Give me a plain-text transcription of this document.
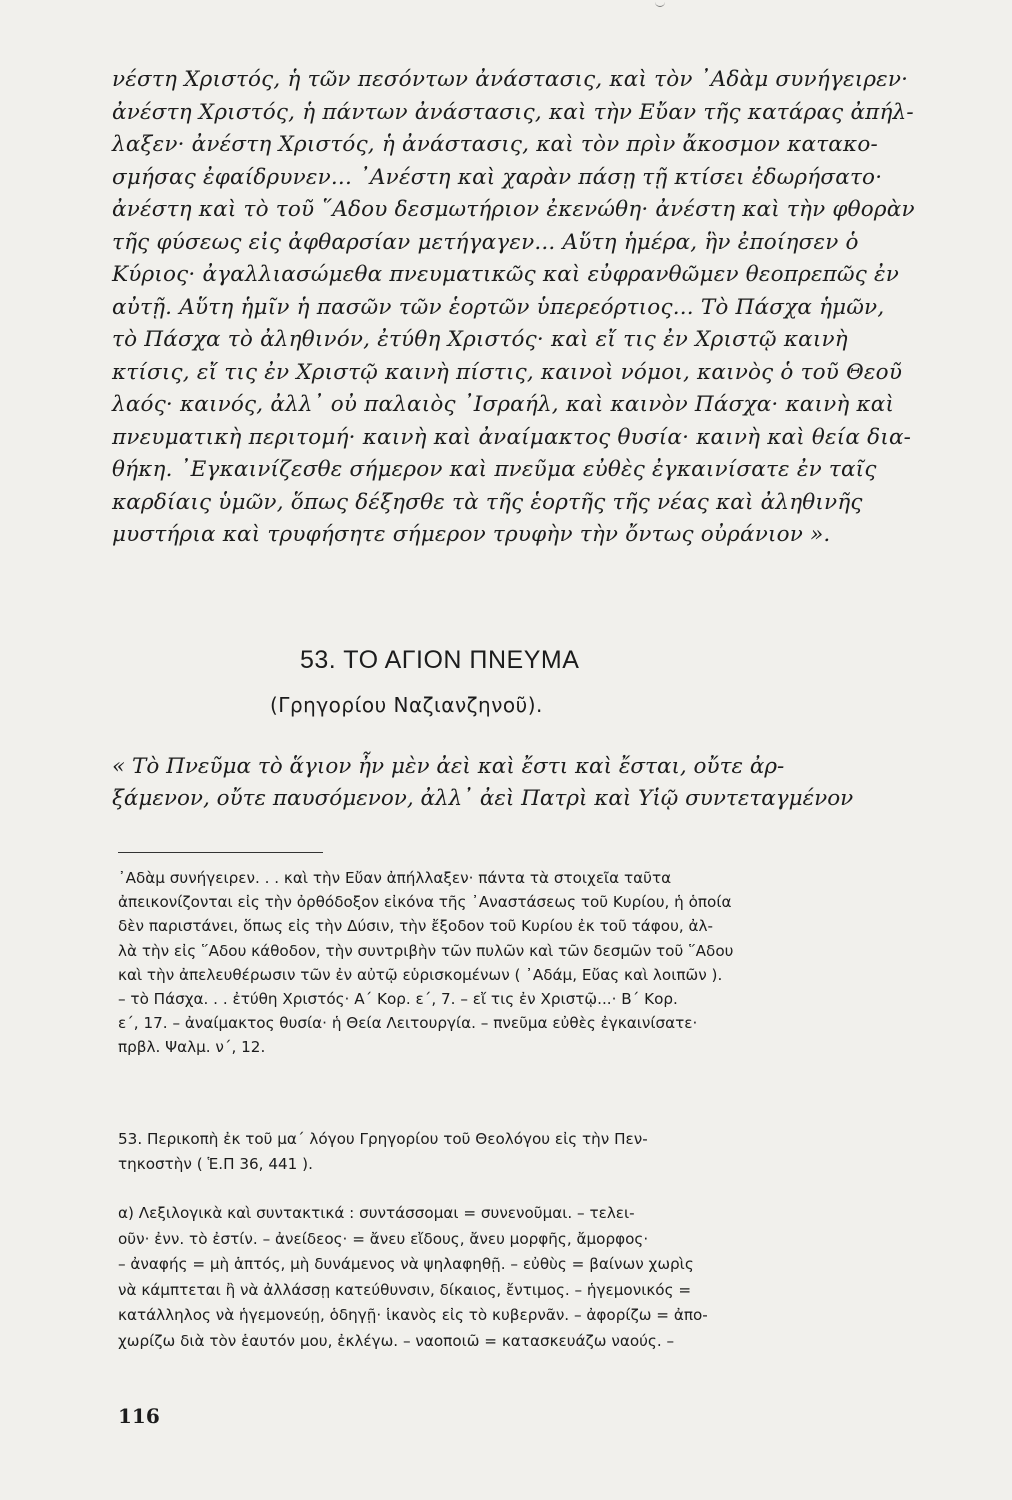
νέστη Χριστός, ἡ τῶν πεσόντων ἀνάστασις, καὶ τὸν ᾿Αδὰμ συνήγειρεν·
ἀνέστη Χριστός, ἡ πάντων ἀνάστασις, καὶ τὴν Εὔαν τῆς κατάρας ἀπήλ-
λαξεν· ἀνέστη Χριστός, ἡ ἀνάστασις, καὶ τὸν πρὶν ἄκοσμον κατακο-
σμήσας ἐφαίδρυνεν... ᾿Ανέστη καὶ χαρὰν πάσῃ τῇ κτίσει ἐδωρήσατο·
ἀνέστη καὶ τὸ τοῦ ῞Αδου δεσμωτήριον ἐκενώθη· ἀνέστη καὶ τὴν φθορὰν
τῆς φύσεως εἰς ἀφθαρσίαν μετήγαγεν... Αὕτη ἡμέρα, ἣν ἐποίησεν ὁ
Κύριος· ἀγαλλιασώμεθα πνευματικῶς καὶ εὐφρανθῶμεν θεοπρεπῶς ἐν
αὐτῇ. Αὕτη ἡμῖν ἡ πασῶν τῶν ἑορτῶν ὑπερεόρτιος... Τὸ Πάσχα ἡμῶν,
τὸ Πάσχα τὸ ἀληθινόν, ἐτύθη Χριστός· καὶ εἴ τις ἐν Χριστῷ καινὴ
κτίσις, εἴ τις ἐν Χριστῷ καινὴ πίστις, καινοὶ νόμοι, καινὸς ὁ τοῦ Θεοῦ
λαός· καινός, ἀλλ᾿ οὐ παλαιὸς ᾿Ισραήλ, καὶ καινὸν Πάσχα· καινὴ καὶ
πνευματικὴ περιτομή· καινὴ καὶ ἀναίμακτος θυσία· καινὴ καὶ θεία δια-
θήκη. ᾿Εγκαινίζεσθε σήμερον καὶ πνεῦμα εὐθὲς ἐγκαινίσατε ἐν ταῖς
καρδίαις ὑμῶν, ὅπως δέξησθε τὰ τῆς ἑορτῆς τῆς νέας καὶ ἀληθινῆς
μυστήρια καὶ τρυφήσητε σήμερον τρυφὴν τὴν ὄντως οὐράνιον ».
53. ΤΟ ΑΓΙΟΝ ΠΝΕΥΜΑ
(Γρηγορίου Ναζιανζηνοῦ).
« Τὸ Πνεῦμα τὸ ἅγιον ἦν μὲν ἀεὶ καὶ ἔστι καὶ ἔσται, οὔτε ἀρ-
ξάμενον, οὔτε παυσόμενον, ἀλλ᾿ ἀεὶ Πατρὶ καὶ Υἱῷ συντεταγμένον
᾿Αδὰμ συνήγειρεν. . . καὶ τὴν Εὔαν ἀπήλλαξεν· πάντα τὰ στοιχεῖα ταῦτα
ἀπεικονίζονται εἰς τὴν ὀρθόδοξον εἰκόνα τῆς ᾿Αναστάσεως τοῦ Κυρίου, ἡ ὁποία
δὲν παριστάνει, ὅπως εἰς τὴν Δύσιν, τὴν ἔξοδον τοῦ Κυρίου ἐκ τοῦ τάφου, ἀλ-
λὰ τὴν εἰς ῞Αδου κάθοδον, τὴν συντριβὴν τῶν πυλῶν καὶ τῶν δεσμῶν τοῦ ῞Αδου
καὶ τὴν ἀπελευθέρωσιν τῶν ἐν αὐτῷ εὑρισκομένων ( ᾿Αδάμ, Εὔας καὶ λοιπῶν ).
– τὸ Πάσχα. . . ἐτύθη Χριστός· Α´ Κορ. ε´, 7. – εἴ τις ἐν Χριστῷ...· Β´ Κορ.
ε´, 17. – ἀναίμακτος θυσία· ἡ Θεία Λειτουργία. – πνεῦμα εὐθὲς ἐγκαινίσατε·
πρβλ. Ψαλμ. ν´, 12.
53. Περικοπὴ ἐκ τοῦ μα´ λόγου Γρηγορίου τοῦ Θεολόγου εἰς τὴν Πεν-
τηκοστὴν ( Ἑ.Π 36, 441 ).
α) Λεξιλογικὰ καὶ συντακτικά : συντάσσομαι = συνενοῦμαι. – τελει-
οῦν· ἐνν. τὸ ἐστίν. – ἀνείδεος· = ἄνευ εἴδους, ἄνευ μορφῆς, ἄμορφος·
– ἀναφής = μὴ ἁπτός, μὴ δυνάμενος νὰ ψηλαφηθῇ. – εὐθὺς = βαίνων χωρὶς
νὰ κάμπτεται ἢ νὰ ἀλλάσσῃ κατεύθυνσιν, δίκαιος, ἔντιμος. – ἡγεμονικός =
κατάλληλος νὰ ἡγεμονεύῃ, ὁδηγῇ· ἱκανὸς εἰς τὸ κυβερνᾶν. – ἀφορίζω = ἀπο-
χωρίζω διὰ τὸν ἑαυτόν μου, ἐκλέγω. – ναοποιῶ = κατασκευάζω ναούς. –
116
